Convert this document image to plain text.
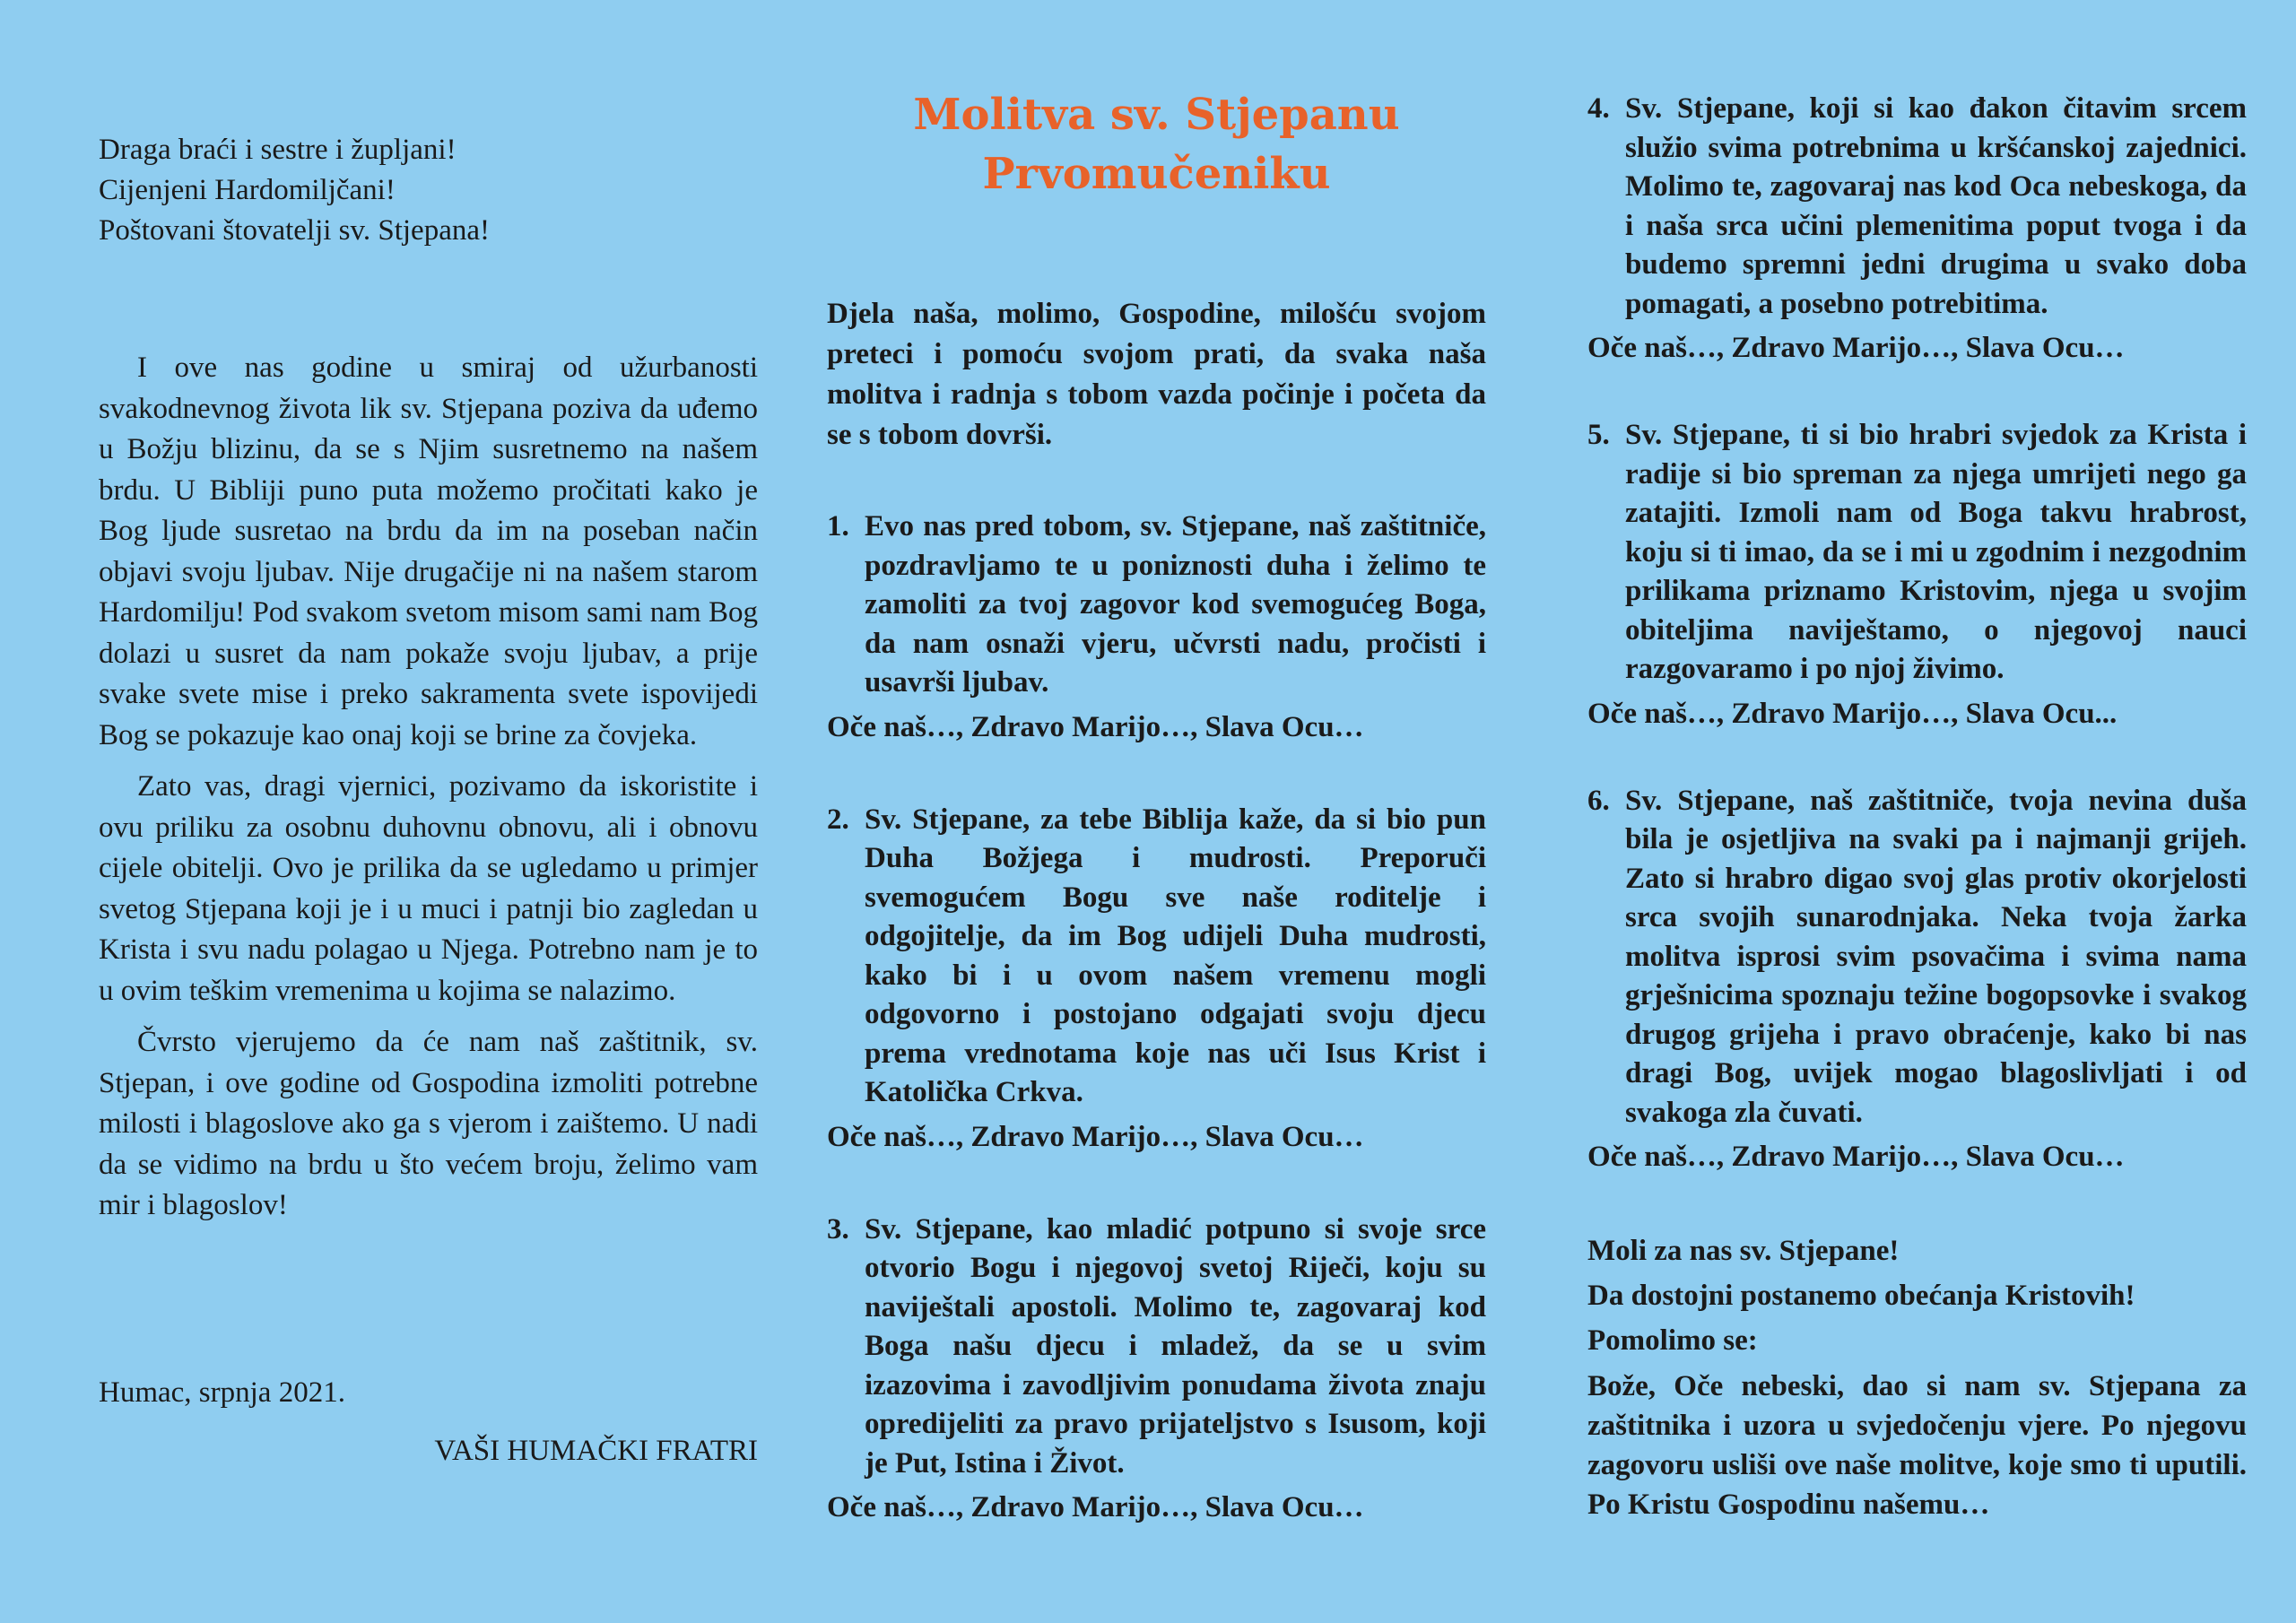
Draga braći i sestre i župljani!
Cijenjeni Hardomiljčani!
Poštovani štovatelji sv. Stjepana!

I ove nas godine u smiraj od užurbanosti svakodnevnog života lik sv. Stjepana poziva da uđemo u Božju blizinu, da se s Njim susretnemo na našem brdu. U Bibliji puno puta možemo pročitati kako je Bog ljude susretao na brdu da im na poseban način objavi svoju ljubav. Nije drugačije ni na našem starom Hardomilju! Pod svakom svetom misom sami nam Bog dolazi u susret da nam pokaže svoju ljubav, a prije svake svete mise i preko sakramenta svete ispovijedi Bog se pokazuje kao onaj koji se brine za čovjeka.

Zato vas, dragi vjernici, pozivamo da iskoristite i ovu priliku za osobnu duhovnu obnovu, ali i obnovu cijele obitelji. Ovo je prilika da se ugledamo u primjer svetog Stjepana koji je i u muci i patnji bio zagledan u Krista i svu nadu polagao u Njega. Potrebno nam je to u ovim teškim vremenima u kojima se nalazimo.

Čvrsto vjerujemo da će nam naš zaštitnik, sv. Stjepan, i ove godine od Gospodina izmoliti potrebne milosti i blagoslove ako ga s vjerom i zaištemo. U nadi da se vidimo na brdu u što većem broju, želimo vam mir i blagoslov!

Humac, srpnja 2021.
VAŠI HUMAČKI FRATRI
Molitva sv. Stjepanu
Prvomučeniku
Djela naša, molimo, Gospodine, milošću svojom preteci i pomoću svojom prati, da svaka naša molitva i radnja s tobom vazda počinje i početa da se s tobom dovrši.
1. Evo nas pred tobom, sv. Stjepane, naš zaštitniče, pozdravljamo te u poniznosti duha i želimo te zamoliti za tvoj zagovor kod svemogućeg Boga, da nam osnaži vjeru, učvrsti nadu, pročisti i usavrši ljubav.
Oče naš…, Zdravo Marijo…, Slava Ocu…
2. Sv. Stjepane, za tebe Biblija kaže, da si bio pun Duha Božjega i mudrosti. Preporuči svemogućem Bogu sve naše roditelje i odgojitelje, da im Bog udijeli Duha mudrosti, kako bi i u ovom našem vremenu mogli odgovorno i postojano odgajati svoju djecu prema vrednotama koje nas uči Isus Krist i Katolička Crkva.
Oče naš…, Zdravo Marijo…, Slava Ocu…
3. Sv. Stjepane, kao mladić potpuno si svoje srce otvorio Bogu i njegovoj svetoj Riječi, koju su naviještali apostoli. Molimo te, zagovaraj kod Boga našu djecu i mladež, da se u svim izazovima i zavodljivim ponudama života znaju opredijeliti za pravo prijateljstvo s Isusom, koji je Put, Istina i Život.
Oče naš…, Zdravo Marijo…, Slava Ocu…
4. Sv. Stjepane, koji si kao đakon čitavim srcem služio svima potrebnima u kršćanskoj zajednici. Molimo te, zagovaraj nas kod Oca nebeskoga, da i naša srca učini plemenitima poput tvoga i da budemo spremni jedni drugima u svako doba pomagati, a posebno potrebitima.
Oče naš…, Zdravo Marijo…, Slava Ocu…
5. Sv. Stjepane, ti si bio hrabri svjedok za Krista i radije si bio spreman za njega umrijeti nego ga zatajiti. Izmoli nam od Boga takvu hrabrost, koju si ti imao, da se i mi u zgodnim i nezgodnim prilikama priznamo Kristovim, njega u svojim obiteljima naviještamo, o njegovoj nauci razgovaramo i po njoj živimo.
Oče naš…, Zdravo Marijo…, Slava Ocu...
6. Sv. Stjepane, naš zaštitniče, tvoja nevina duša bila je osjetljiva na svaki pa i najmanji grijeh. Zato si hrabro digao svoj glas protiv okorjelosti srca svojih sunarodnjaka. Neka tvoja žarka molitva isprosi svim psovačima i svima nama grješnicima spoznaju težine bogopsovke i svakog drugog grijeha i pravo obraćenje, kako bi nas dragi Bog, uvijek mogao blagoslivljati i od svakoga zla čuvati.
Oče naš…, Zdravo Marijo…, Slava Ocu…
Moli za nas sv. Stjepane!
Da dostojni postanemo obećanja Kristovih!
Pomolimo se:
Bože, Oče nebeski, dao si nam sv. Stjepana za zaštitnika i uzora u svjedočenju vjere. Po njegovu zagovoru usliši ove naše molitve, koje smo ti uputili. Po Kristu Gospodinu našemu…
